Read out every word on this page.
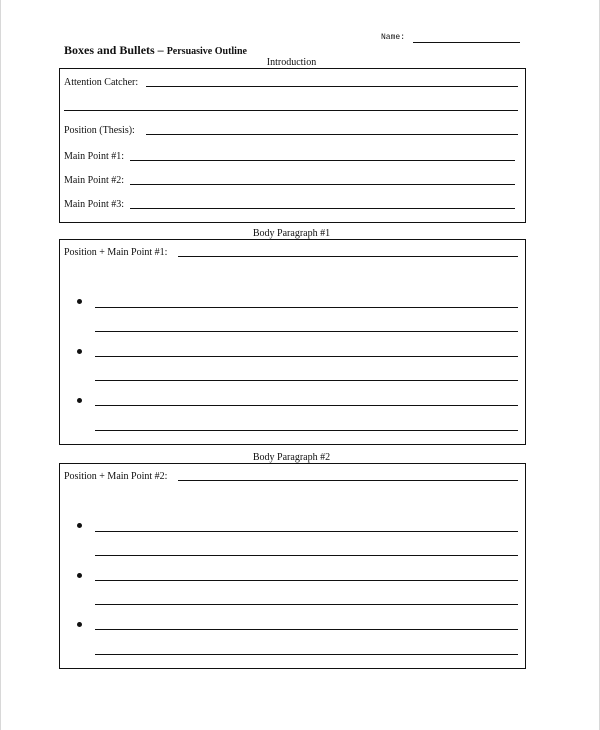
Boxes and Bullets – Persuasive Outline
Name:
Introduction
Attention Catcher:
Position (Thesis):
Main Point #1:
Main Point #2:
Main Point #3:
Body Paragraph #1
Position + Main Point #1:
Body Paragraph #2
Position + Main Point #2:
